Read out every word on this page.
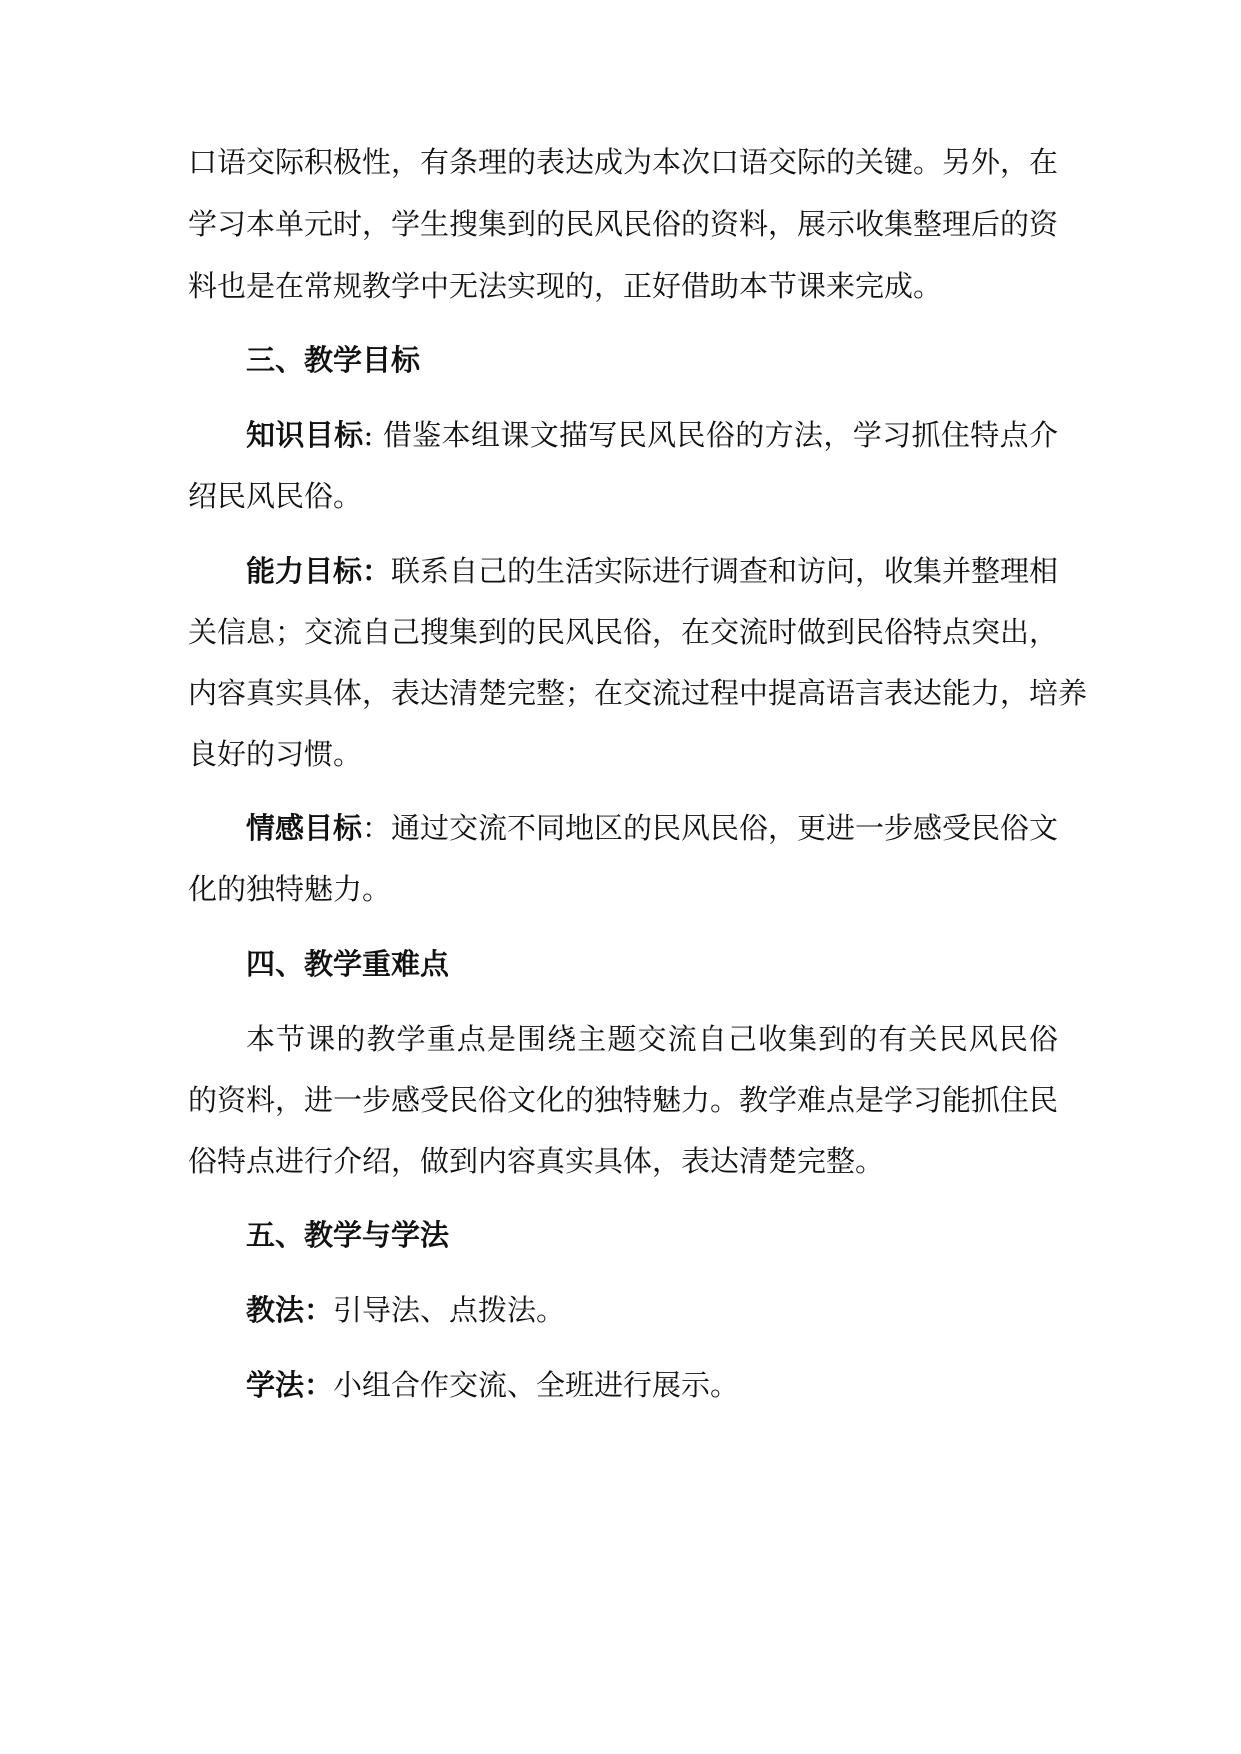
口语交际积极性，有条理的表达成为本次口语交际的关键。另外，在
学习本单元时，学生搜集到的民风民俗的资料，展示收集整理后的资
料也是在常规教学中无法实现的，正好借助本节课来完成。
三、教学目标
知识目标: 借鉴本组课文描写民风民俗的方法，学习抓住特点介
绍民风民俗。
能力目标：联系自己的生活实际进行调查和访问，收集并整理相
关信息；交流自己搜集到的民风民俗，在交流时做到民俗特点突出，
内容真实具体，表达清楚完整；在交流过程中提高语言表达能力，培养
良好的习惯。
情感目标：通过交流不同地区的民风民俗，更进一步感受民俗文
化的独特魅力。
四、教学重难点
本节课的教学重点是围绕主题交流自己收集到的有关民风民俗
的资料，进一步感受民俗文化的独特魅力。教学难点是学习能抓住民
俗特点进行介绍，做到内容真实具体，表达清楚完整。
五、教学与学法
教法：引导法、点拨法。
学法：小组合作交流、全班进行展示。
